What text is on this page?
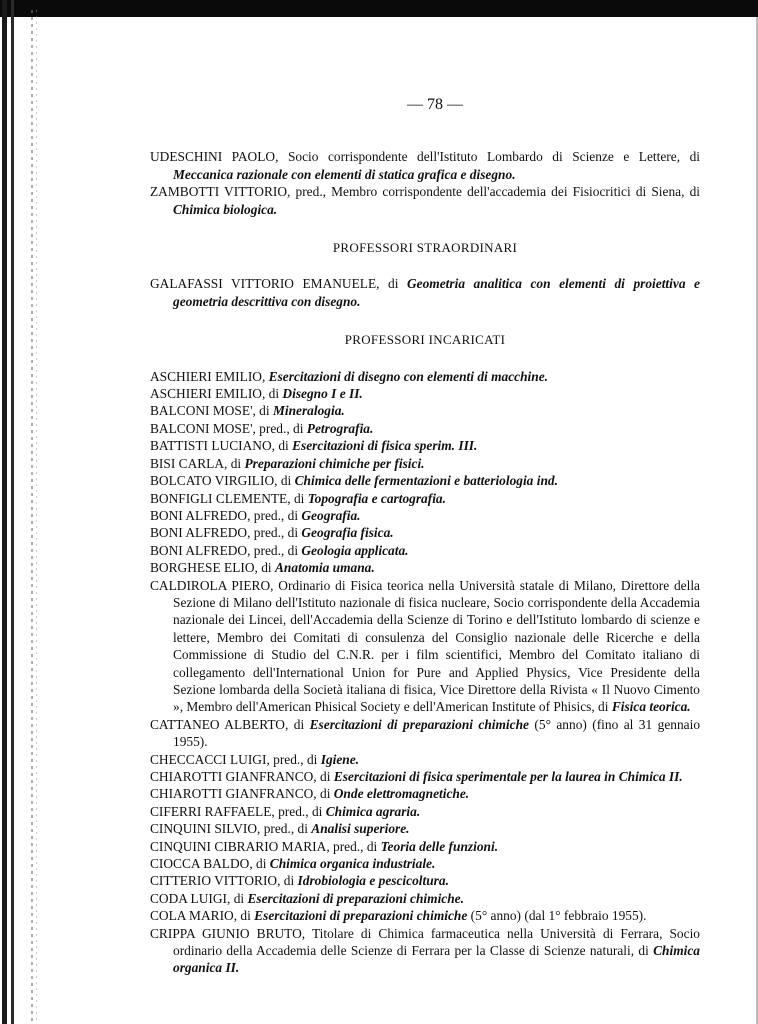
— 78 —

UDESCHINI PAOLO, Socio corrispondente dell'Istituto Lombardo di Scienze e Lettere, di Meccanica razionale con elementi di statica grafica e disegno.

ZAMBOTTI VITTORIO, pred., Membro corrispondente dell'accademia dei Fisiocritici di Siena, di Chimica biologica.

PROFESSORI STRAORDINARI

GALAFASSI VITTORIO EMANUELE, di Geometria analitica con elementi di proiettiva e geometria descrittiva con disegno.

PROFESSORI INCARICATI

ASCHIERI EMILIO, Esercitazioni di disegno con elementi di macchine.

ASCHIERI EMILIO, di Disegno I e II.

BALCONI MOSE', di Mineralogia.

BALCONI MOSE', pred., di Petrografia.

BATTISTI LUCIANO, di Esercitazioni di fisica sperim. III.

BISI CARLA, di Preparazioni chimiche per fisici.

BOLCATO VIRGILIO, di Chimica delle fermentazioni e batteriologia ind.

BONFIGLI CLEMENTE, di Topografia e cartografia.

BONI ALFREDO, pred., di Geografia.

BONI ALFREDO, pred., di Geografia fisica.

BONI ALFREDO, pred., di Geologia applicata.

BORGHESE ELIO, di Anatomia umana.

CALDIROLA PIERO, Ordinario di Fisica teorica nella Università statale di Milano, Direttore della Sezione di Milano dell'Istituto nazionale di fisica nucleare, Socio corrispondente della Accademia nazionale dei Lincei, dell'Accademia della Scienze di Torino e dell'Istituto lombardo di scienze e lettere, Membro dei Comitati di consulenza del Consiglio nazionale delle Ricerche e della Commissione di Studio del C.N.R. per i film scientifici, Membro del Comitato italiano di collegamento dell'International Union for Pure and Applied Physics, Vice Presidente della Sezione lombarda della Società italiana di fisica, Vice Direttore della Rivista « Il Nuovo Cimento », Membro dell'American Phisical Society e dell'American Institute of Phisics, di Fisica teorica.

CATTANEO ALBERTO, di Esercitazioni di preparazioni chimiche (5° anno) (fino al 31 gennaio 1955).

CHECCACCI LUIGI, pred., di Igiene.

CHIAROTTI GIANFRANCO, di Esercitazioni di fisica sperimentale per la laurea in Chimica II.

CHIAROTTI GIANFRANCO, di Onde elettromagnetiche.

CIFERRI RAFFAELE, pred., di Chimica agraria.

CINQUINI SILVIO, pred., di Analisi superiore.

CINQUINI CIBRARIO MARIA, pred., di Teoria delle funzioni.

CIOCCA BALDO, di Chimica organica industriale.

CITTERIO VITTORIO, di Idrobiologia e pescicoltura.

CODA LUIGI, di Esercitazioni di preparazioni chimiche.

COLA MARIO, di Esercitazioni di preparazioni chimiche (5° anno) (dal 1° febbraio 1955).

CRIPPA GIUNIO BRUTO, Titolare di Chimica farmaceutica nella Università di Ferrara, Socio ordinario della Accademia delle Scienze di Ferrara per la Classe di Scienze naturali, di Chimica organica II.
